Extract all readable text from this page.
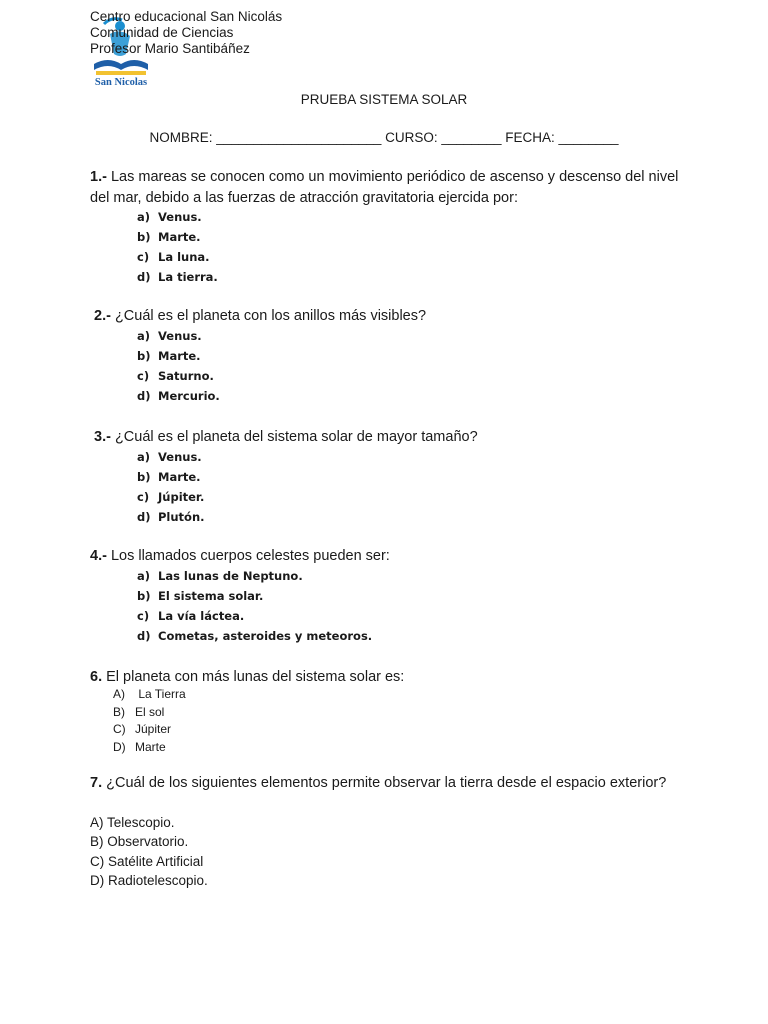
San Nicolas
Centro educacional San Nicolás
Comunidad de Ciencias
Profesor Mario Santibáñez
PRUEBA SISTEMA SOLAR
NOMBRE: ______________________ CURSO: ________ FECHA: ________
1.- Las mareas se conocen como un movimiento periódico de ascenso y descenso del nivel del mar, debido a las fuerzas de atracción gravitatoria ejercida por:
a) Venus.
b) Marte.
c) La luna.
d) La tierra.
2.- ¿Cuál es el planeta con los anillos más visibles?
a) Venus.
b) Marte.
c) Saturno.
d) Mercurio.
3.- ¿Cuál es el planeta del sistema solar de mayor tamaño?
a) Venus.
b) Marte.
c) Júpiter.
d) Plutón.
4.- Los llamados cuerpos celestes pueden ser:
a) Las lunas de Neptuno.
b) El sistema solar.
c) La vía láctea.
d) Cometas, asteroides y meteoros.
6. El planeta con más lunas del sistema solar es:
A) La Tierra
B) El sol
C) Júpiter
D) Marte
7. ¿Cuál de los siguientes elementos permite observar la tierra desde el espacio exterior?
A) Telescopio.
B) Observatorio.
C) Satélite Artificial
D) Radiotelescopio.
